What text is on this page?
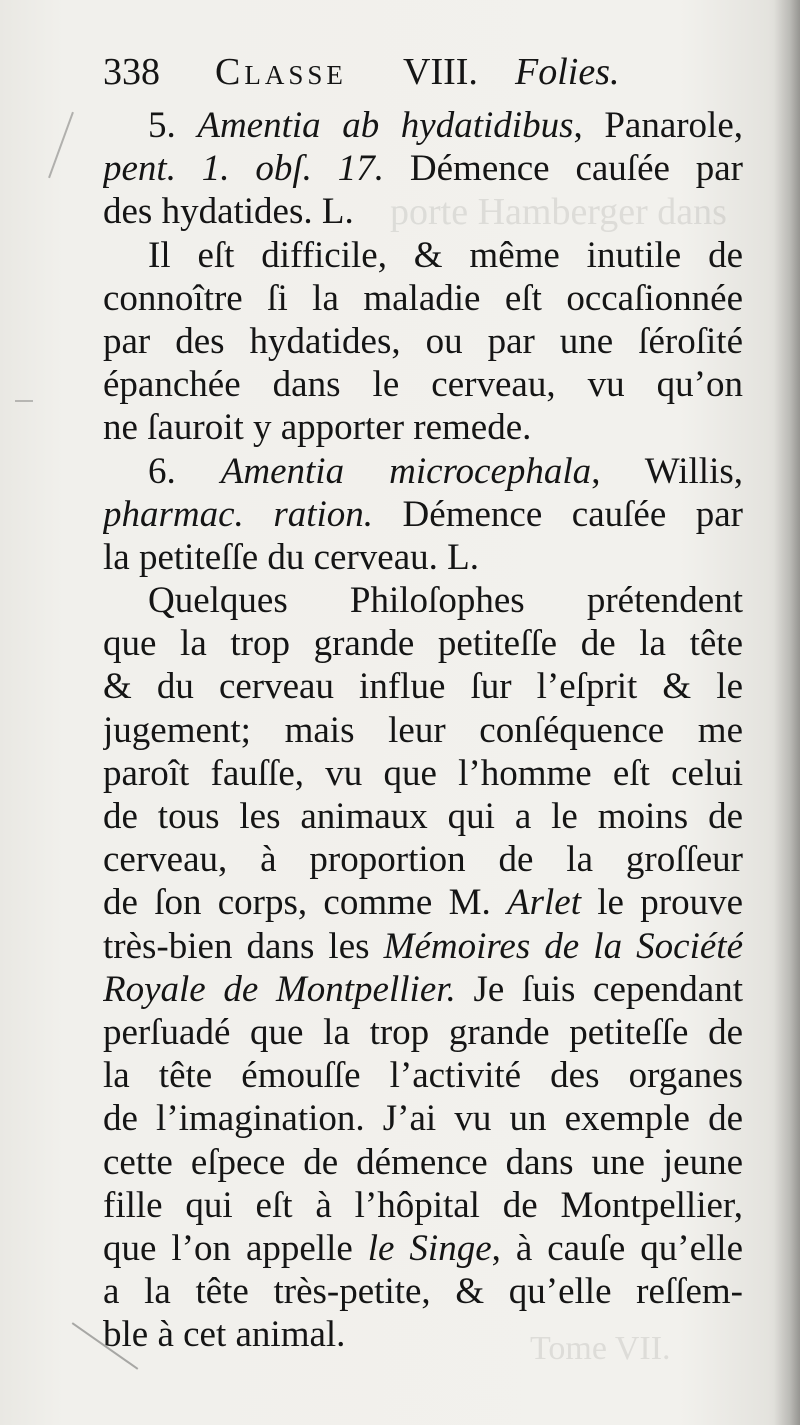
porte Hamberger dans
Tome VII.
338 Classe VIII. Folies.
5. Amentia ab hydatidibus, Panarole,
pent. 1. obſ. 17. Démence cauſée par
des hydatides. L.
Il eſt difficile, & même inutile de
connoître ſi la maladie eſt occaſionnée
par des hydatides, ou par une ſéroſité
épanchée dans le cerveau, vu qu’on
ne ſauroit y apporter remede.
6. Amentia microcephala, Willis,
pharmac. ration. Démence cauſée par
la petiteſſe du cerveau. L.
Quelques Philoſophes prétendent
que la trop grande petiteſſe de la tête
& du cerveau influe ſur l’eſprit & le
jugement; mais leur conſéquence me
paroît fauſſe, vu que l’homme eſt celui
de tous les animaux qui a le moins de
cerveau, à proportion de la groſſeur
de ſon corps, comme M. Arlet le prouve
très-bien dans les Mémoires de la Société
Royale de Montpellier. Je ſuis cependant
perſuadé que la trop grande petiteſſe de
la tête émouſſe l’activité des organes
de l’imagination. J’ai vu un exemple de
cette eſpece de démence dans une jeune
fille qui eſt à l’hôpital de Montpellier,
que l’on appelle le Singe, à cauſe qu’elle
a la tête très-petite, & qu’elle reſſem-
ble à cet animal.
